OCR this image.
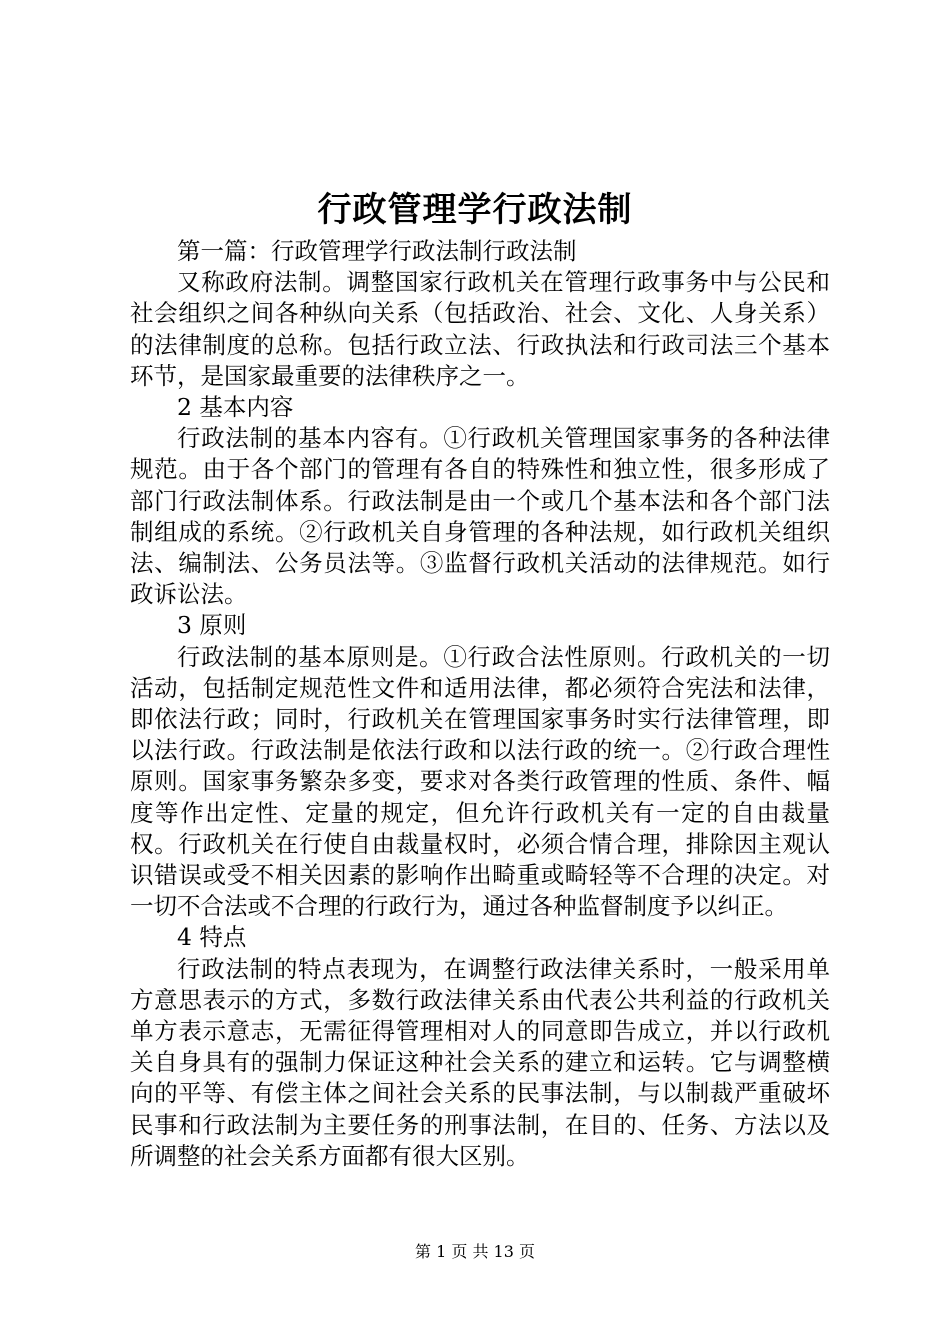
行政管理学行政法制

第一篇：行政管理学行政法制行政法制

又称政府法制。调整国家行政机关在管理行政事务中与公民和社会组织之间各种纵向关系（包括政治、社会、文化、人身关系）的法律制度的总称。包括行政立法、行政执法和行政司法三个基本环节，是国家最重要的法律秩序之一。

2 基本内容

行政法制的基本内容有。①行政机关管理国家事务的各种法律规范。由于各个部门的管理有各自的特殊性和独立性，很多形成了部门行政法制体系。行政法制是由一个或几个基本法和各个部门法制组成的系统。②行政机关自身管理的各种法规，如行政机关组织法、编制法、公务员法等。③监督行政机关活动的法律规范。如行政诉讼法。

3 原则

行政法制的基本原则是。①行政合法性原则。行政机关的一切活动，包括制定规范性文件和适用法律，都必须符合宪法和法律，即依法行政；同时，行政机关在管理国家事务时实行法律管理，即以法行政。行政法制是依法行政和以法行政的统一。②行政合理性原则。国家事务繁杂多变，要求对各类行政管理的性质、条件、幅度等作出定性、定量的规定，但允许行政机关有一定的自由裁量权。行政机关在行使自由裁量权时，必须合情合理，排除因主观认识错误或受不相关因素的影响作出畸重或畸轻等不合理的决定。对一切不合法或不合理的行政行为，通过各种监督制度予以纠正。

4 特点

行政法制的特点表现为，在调整行政法律关系时，一般采用单方意思表示的方式，多数行政法律关系由代表公共利益的行政机关单方表示意志，无需征得管理相对人的同意即告成立，并以行政机关自身具有的强制力保证这种社会关系的建立和运转。它与调整横向的平等、有偿主体之间社会关系的民事法制，与以制裁严重破坏民事和行政法制为主要任务的刑事法制，在目的、任务、方法以及所调整的社会关系方面都有很大区别。

第 1 页 共 13 页
